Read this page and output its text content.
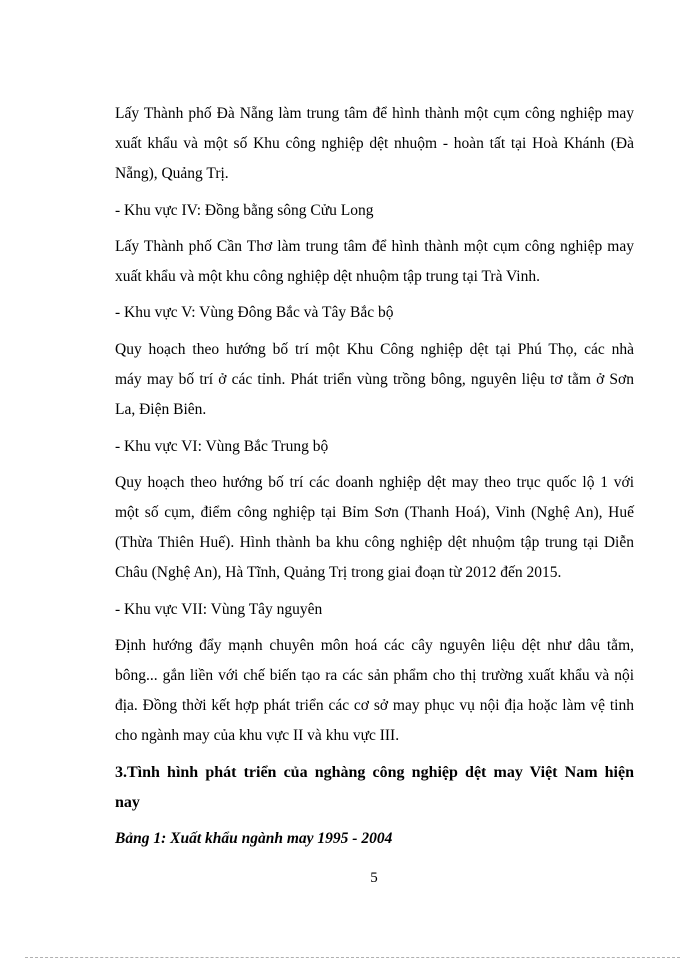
Lấy Thành phố Đà Nẵng làm trung tâm để hình thành một cụm công nghiệp may

xuất khẩu và một số Khu công nghiệp dệt nhuộm - hoàn tất tại Hoà Khánh (Đà

Nẵng), Quảng Trị.

- Khu vực IV: Đồng bằng sông Cửu Long

Lấy Thành phố Cần Thơ làm trung tâm để hình thành một cụm công nghiệp may

xuất khẩu và một khu công nghiệp dệt nhuộm tập trung tại Trà Vinh.

- Khu vực V: Vùng Đông Bắc và Tây Bắc bộ

Quy hoạch theo hướng bố trí một Khu Công nghiệp dệt tại Phú Thọ, các nhà

máy may bố trí ở các tỉnh. Phát triển vùng trồng bông, nguyên liệu tơ tằm ở Sơn

La, Điện Biên.

- Khu vực VI: Vùng Bắc Trung bộ

Quy hoạch theo hướng bố trí các doanh nghiệp dệt may theo trục quốc lộ 1 với

một số cụm, điểm công nghiệp tại Bỉm Sơn (Thanh Hoá), Vinh (Nghệ An), Huế

(Thừa Thiên Huế). Hình thành ba khu công nghiệp dệt nhuộm tập trung tại Diễn

Châu (Nghệ An), Hà Tĩnh, Quảng Trị trong giai đoạn từ 2012 đến 2015.

- Khu vực VII: Vùng Tây nguyên

Định hướng đẩy mạnh chuyên môn hoá các cây nguyên liệu dệt như dâu tằm,

bông... gắn liền với chế biến tạo ra các sản phẩm cho thị trường xuất khẩu và nội

địa. Đồng thời kết hợp phát triển các cơ sở may phục vụ nội địa hoặc làm vệ tinh

cho ngành may của khu vực II và khu vực III.

3.Tình hình phát triển của nghàng công nghiệp dệt may Việt Nam hiện

nay

Bảng 1: Xuất khẩu ngành may 1995 - 2004

5
